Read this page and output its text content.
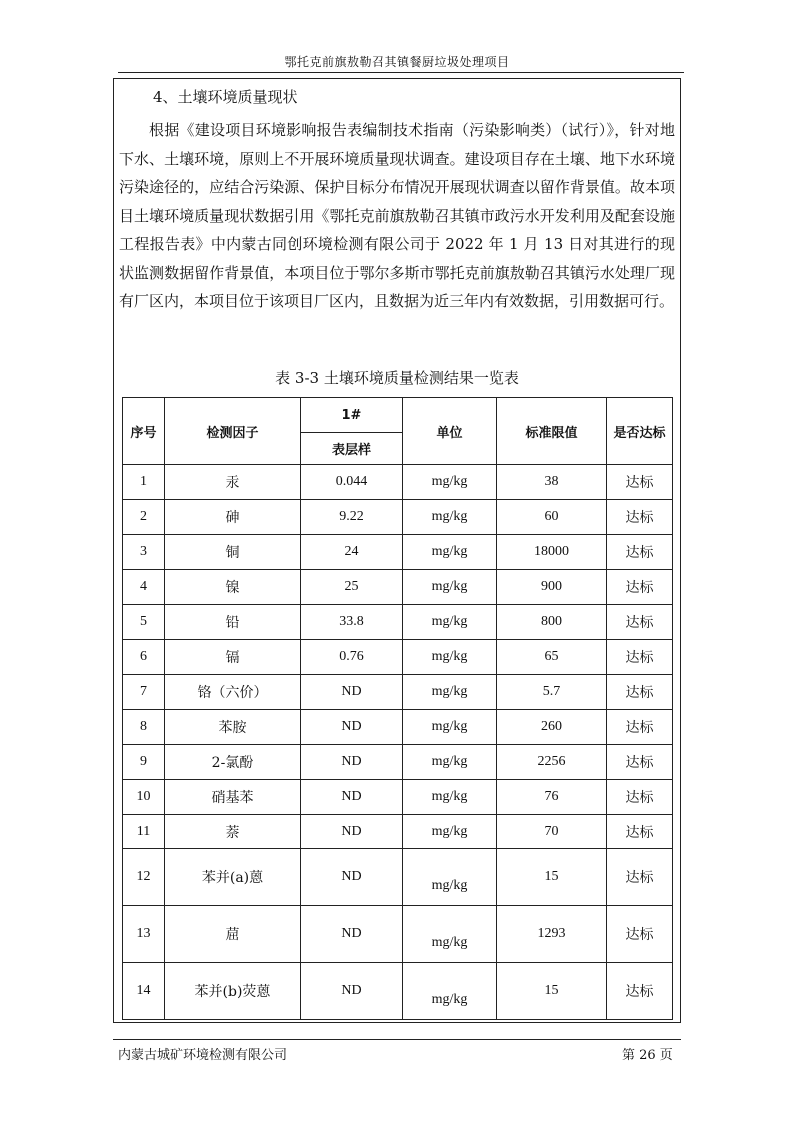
鄂托克前旗敖勒召其镇餐厨垃圾处理项目
4、土壤环境质量现状

根据《建设项目环境影响报告表编制技术指南（污染影响类）（试行）》，针对地下水、土壤环境，原则上不开展环境质量现状调查。建设项目存在土壤、地下水环境污染途径的，应结合污染源、保护目标分布情况开展现状调查以留作背景值。故本项目土壤环境质量现状数据引用《鄂托克前旗敖勒召其镇市政污水开发利用及配套设施工程报告表》中内蒙古同创环境检测有限公司于 2022 年 1 月 13 日对其进行的现状监测数据留作背景值，本项目位于鄂尔多斯市鄂托克前旗敖勒召其镇污水处理厂现有厂区内，本项目位于该项目厂区内，且数据为近三年内有效数据，引用数据可行。

表 3-3 土壤环境质量检测结果一览表
序号	检测因子	1#	单位	标准限值	是否达标
		表层样			
1	汞	0.044	mg/kg	38	达标
2	砷	9.22	mg/kg	60	达标
3	铜	24	mg/kg	18000	达标
4	镍	25	mg/kg	900	达标
5	铅	33.8	mg/kg	800	达标
6	镉	0.76	mg/kg	65	达标
7	铬（六价）	ND	mg/kg	5.7	达标
8	苯胺	ND	mg/kg	260	达标
9	2-氯酚	ND	mg/kg	2256	达标
10	硝基苯	ND	mg/kg	76	达标
11	萘	ND	mg/kg	70	达标
12	苯并(a)蒽	ND	mg/kg	15	达标
13	䓛	ND	mg/kg	1293	达标
14	苯并(b)荧蒽	ND	mg/kg	15	达标
内蒙古城矿环境检测有限公司	第 26 页
